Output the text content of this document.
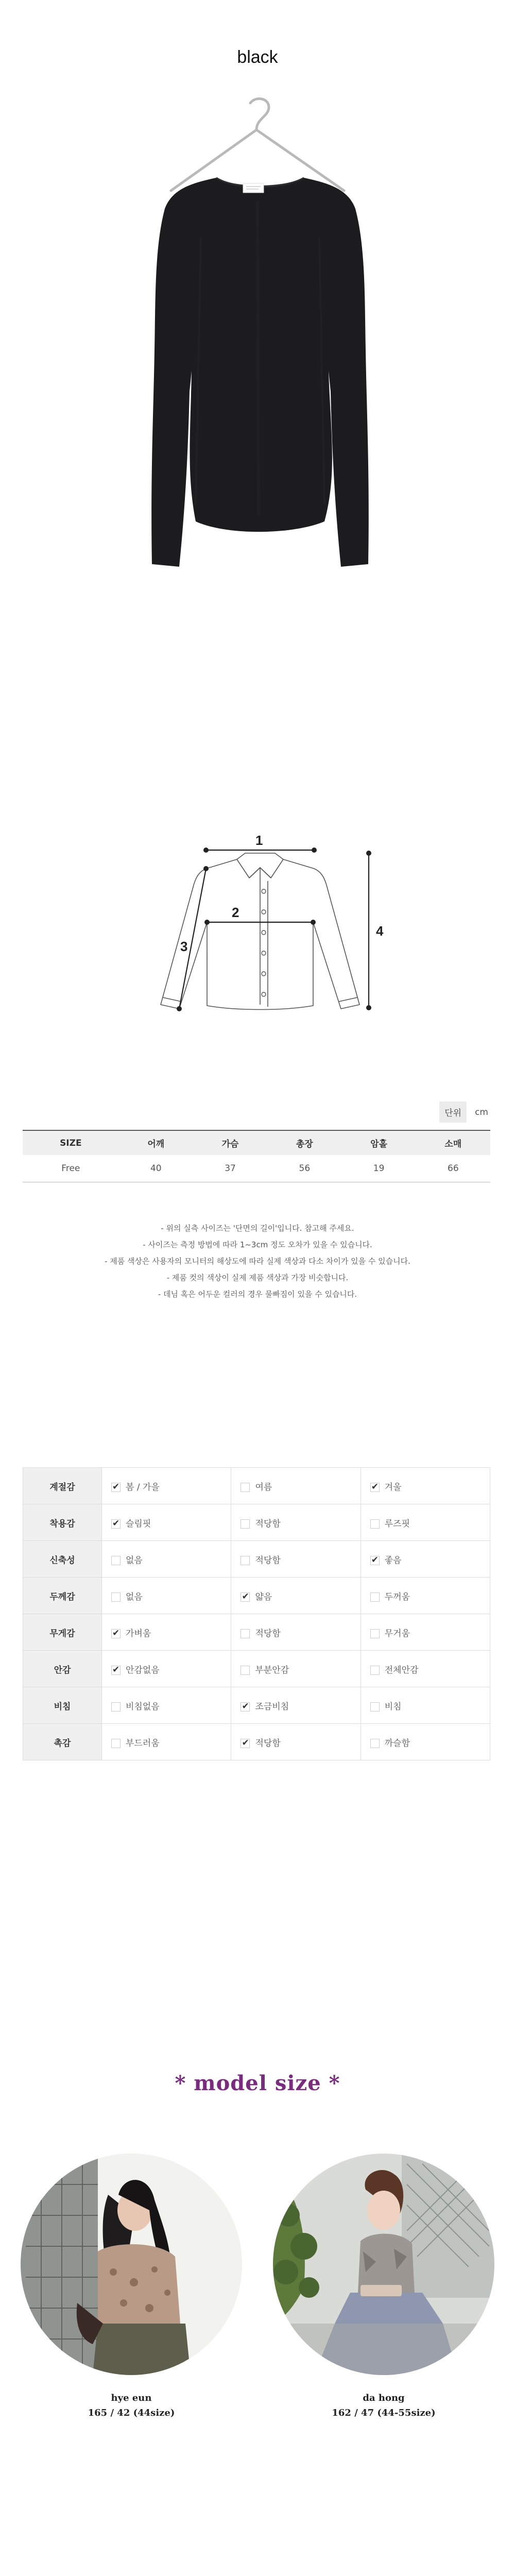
black
1
2
3
4
단위	cm
SIZE	어깨	가슴	총장	암홀	소매
Free	40	37	56	19	66
- 위의 실측 사이즈는 '단면의 길이'입니다. 참고해 주세요.
- 사이즈는 측정 방법에 따라 1~3cm 정도 오차가 있을 수 있습니다.
- 제품 색상은 사용자의 모니터의 해상도에 따라 실제 색상과 다소 차이가 있을 수 있습니다.
- 제품 컷의 색상이 실제 제품 색상과 가장 비슷합니다.
- 데님 혹은 어두운 컬러의 경우 물빠짐이 있을 수 있습니다.
계절감	✔봄 / 가을	여름	✔겨울
착용감	✔슬림핏	적당함	루즈핏
신축성	없음	적당함	✔좋음
두께감	없음	✔얇음	두꺼움
무게감	✔가벼움	적당함	무거움
안감	✔안감없음	부분안감	전체안감
비침	비침없음	✔조금비침	비침
촉감	부드러움	✔적당함	까슬함
* model size *
hye eun
165 / 42 (44size)
da hong
162 / 47 (44-55size)
